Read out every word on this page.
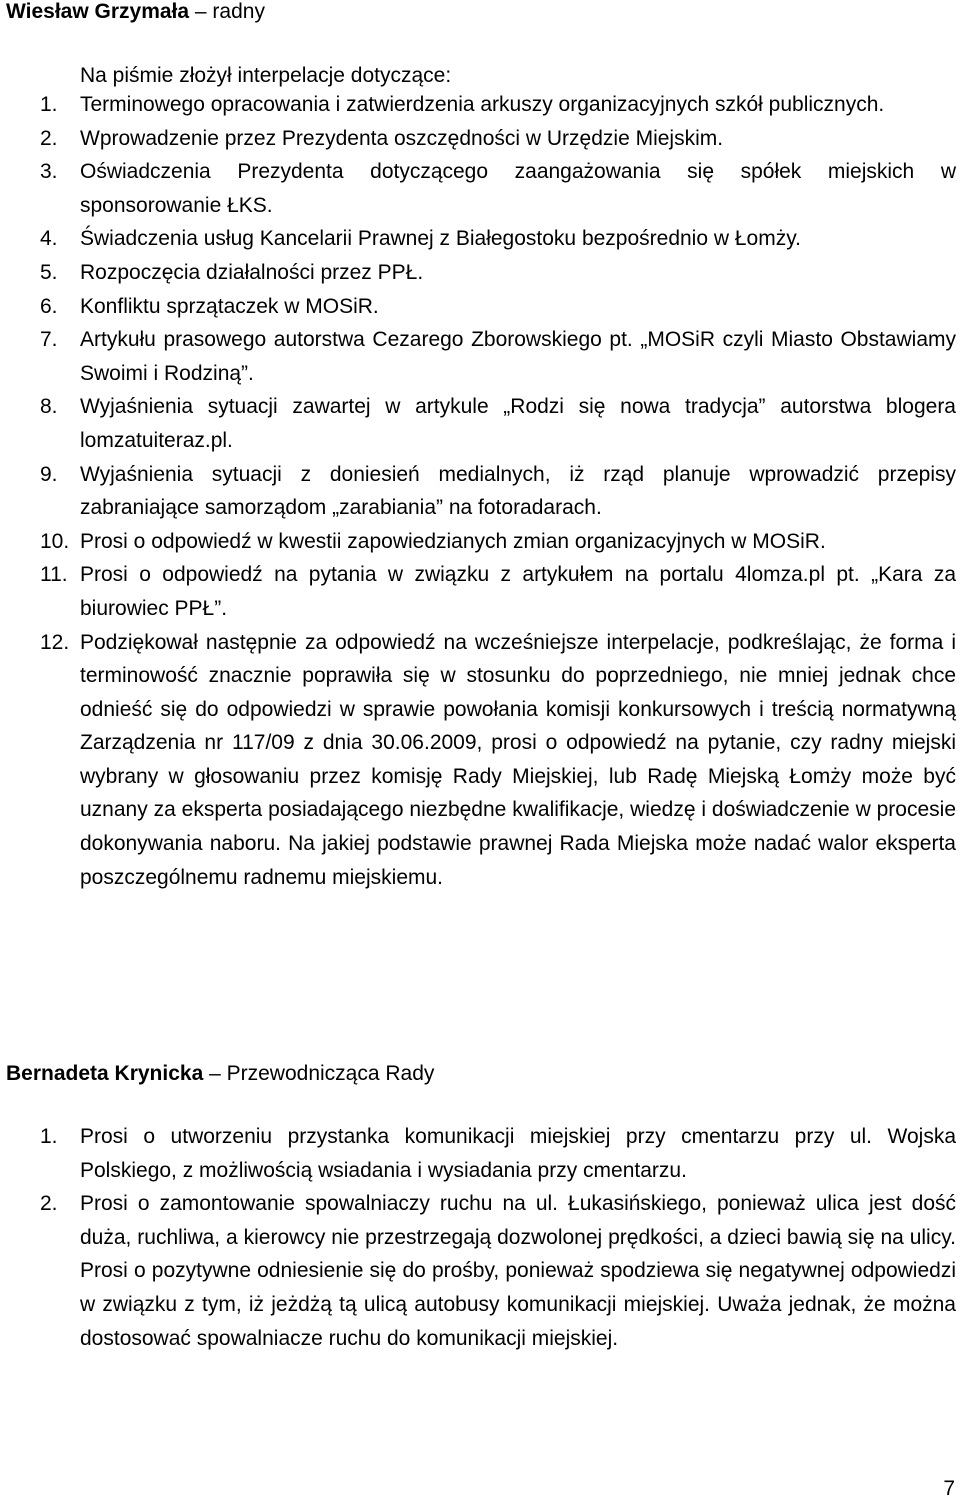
Wiesław Grzymała – radny

Na piśmie złożył interpelacje dotyczące:

1. Terminowego opracowania i zatwierdzenia arkuszy organizacyjnych szkół publicznych.
2. Wprowadzenie przez Prezydenta oszczędności w Urzędzie Miejskim.
3. Oświadczenia Prezydenta dotyczącego zaangażowania się spółek miejskich w sponsorowanie ŁKS.
4. Świadczenia usług Kancelarii Prawnej z Białegostoku bezpośrednio w Łomży.
5. Rozpoczęcia działalności przez PPŁ.
6. Konfliktu sprzątaczek w MOSiR.
7. Artykułu prasowego autorstwa Cezarego Zborowskiego pt. „MOSiR czyli Miasto Obstawiamy Swoimi i Rodziną”.
8. Wyjaśnienia sytuacji zawartej w artykule „Rodzi się nowa tradycja” autorstwa blogera lomzatuiteraz.pl.
9. Wyjaśnienia sytuacji z doniesień medialnych, iż rząd planuje wprowadzić przepisy zabraniające samorządom „zarabiania” na fotoradarach.
10. Prosi o odpowiedź w kwestii zapowiedzianych zmian organizacyjnych w MOSiR.
11. Prosi o odpowiedź na pytania w związku z artykułem na portalu 4lomza.pl pt. „Kara za biurowiec PPŁ”.
12. Podziękował następnie za odpowiedź na wcześniejsze interpelacje, podkreślając, że forma i terminowość znacznie poprawiła się w stosunku do poprzedniego, nie mniej jednak chce odnieść się do odpowiedzi w sprawie powołania komisji konkursowych i treścią normatywną Zarządzenia nr 117/09 z dnia 30.06.2009, prosi o odpowiedź na pytanie, czy radny miejski wybrany w głosowaniu przez komisję Rady Miejskiej, lub Radę Miejską Łomży może być uznany za eksperta posiadającego niezbędne kwalifikacje, wiedzę i doświadczenie w procesie dokonywania naboru. Na jakiej podstawie prawnej Rada Miejska może nadać walor eksperta poszczególnemu radnemu miejskiemu.
Bernadeta Krynicka – Przewodnicząca Rady
1. Prosi o utworzeniu przystanka komunikacji miejskiej przy cmentarzu przy ul. Wojska Polskiego, z możliwością wsiadania i wysiadania przy cmentarzu.
2. Prosi o zamontowanie spowalniaczy ruchu na ul. Łukasińskiego, ponieważ ulica jest dość duża, ruchliwa, a kierowcy nie przestrzegają dozwolonej prędkości, a dzieci bawią się na ulicy. Prosi o pozytywne odniesienie się do prośby, ponieważ spodziewa się negatywnej odpowiedzi w związku z tym, iż jeżdżą tą ulicą autobusy komunikacji miejskiej. Uważa jednak, że można dostosować spowalniacze ruchu do komunikacji miejskiej.

7
